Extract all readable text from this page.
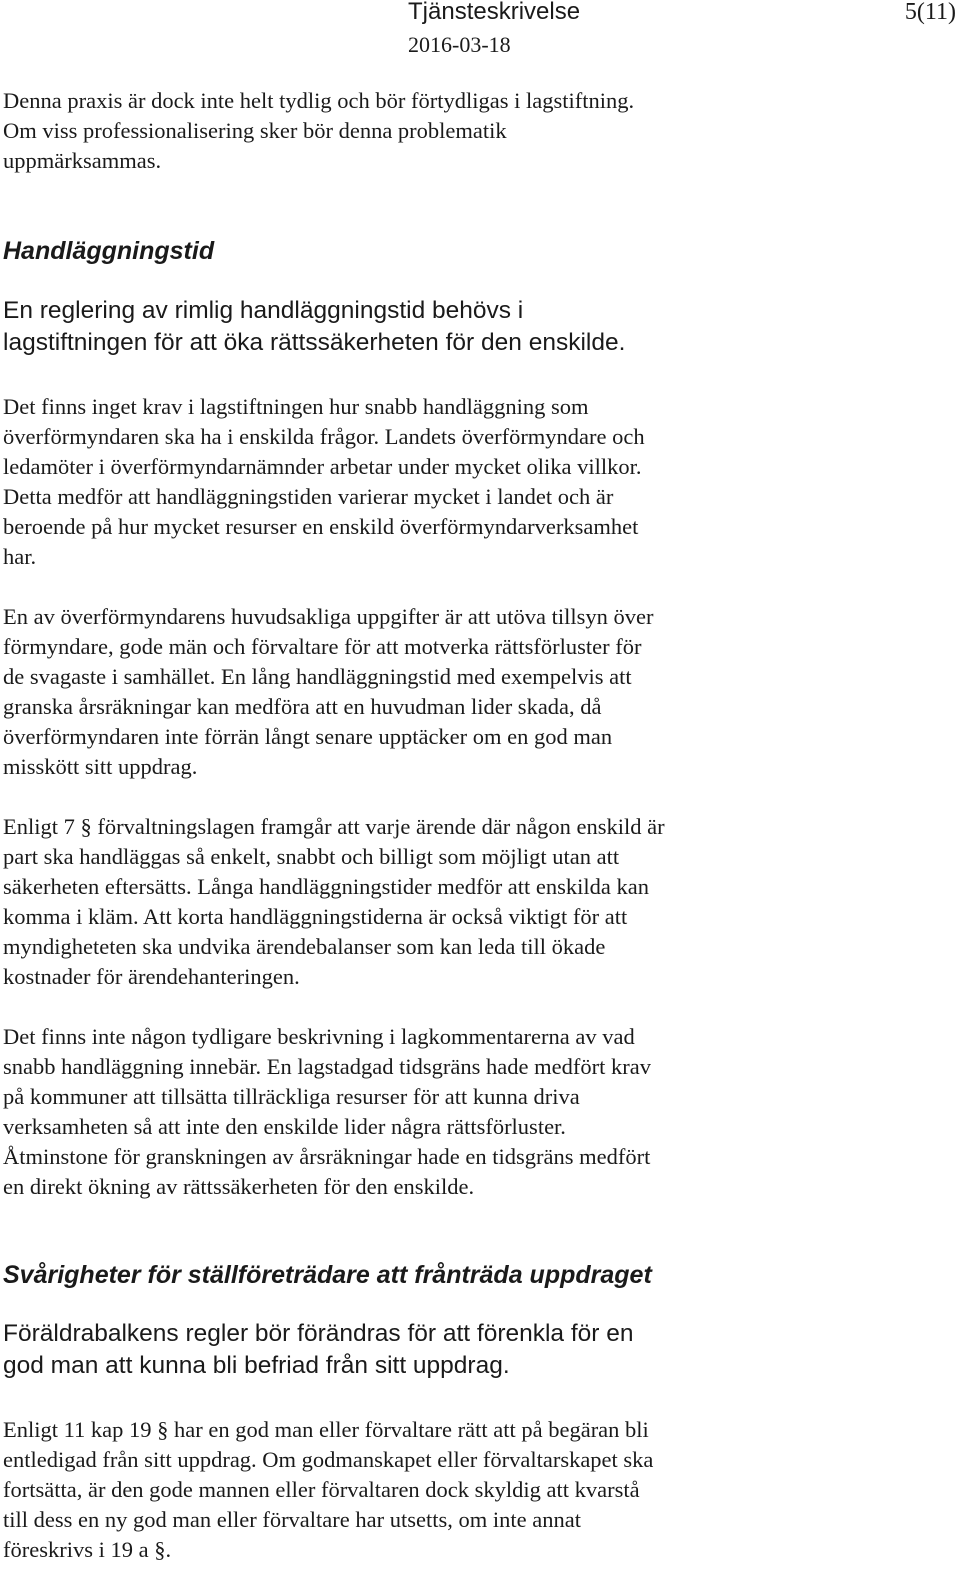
Tjänsteskrivelse
2016-03-18
5(11)
Denna praxis är dock inte helt tydlig och bör förtydligas i lagstiftning.
Om viss professionalisering sker bör denna problematik
uppmärksammas.
Handläggningstid
En reglering av rimlig handläggningstid behövs i
lagstiftningen för att öka rättssäkerheten för den enskilde.
Det finns inget krav i lagstiftningen hur snabb handläggning som
överförmyndaren ska ha i enskilda frågor. Landets överförmyndare och
ledamöter i överförmyndarnämnder arbetar under mycket olika villkor.
Detta medför att handläggningstiden varierar mycket i landet och är
beroende på hur mycket resurser en enskild överförmyndarverksamhet
har.
En av överförmyndarens huvudsakliga uppgifter är att utöva tillsyn över
förmyndare, gode män och förvaltare för att motverka rättsförluster för
de svagaste i samhället. En lång handläggningstid med exempelvis att
granska årsräkningar kan medföra att en huvudman lider skada, då
överförmyndaren inte förrän långt senare upptäcker om en god man
misskött sitt uppdrag.
Enligt 7 § förvaltningslagen framgår att varje ärende där någon enskild är
part ska handläggas så enkelt, snabbt och billigt som möjligt utan att
säkerheten eftersätts. Långa handläggningstider medför att enskilda kan
komma i kläm. Att korta handläggningstiderna är också viktigt för att
myndigheteten ska undvika ärendebalanser som kan leda till ökade
kostnader för ärendehanteringen.
Det finns inte någon tydligare beskrivning i lagkommentarerna av vad
snabb handläggning innebär. En lagstadgad tidsgräns hade medfört krav
på kommuner att tillsätta tillräckliga resurser för att kunna driva
verksamheten så att inte den enskilde lider några rättsförluster.
Åtminstone för granskningen av årsräkningar hade en tidsgräns medfört
en direkt ökning av rättssäkerheten för den enskilde.
Svårigheter för ställföreträdare att frånträda uppdraget
Föräldrabalkens regler bör förändras för att förenkla för en
god man att kunna bli befriad från sitt uppdrag.
Enligt 11 kap 19 § har en god man eller förvaltare rätt att på begäran bli
entledigad från sitt uppdrag. Om godmanskapet eller förvaltarskapet ska
fortsätta, är den gode mannen eller förvaltaren dock skyldig att kvarstå
till dess en ny god man eller förvaltare har utsetts, om inte annat
föreskrivs i 19 a §.
